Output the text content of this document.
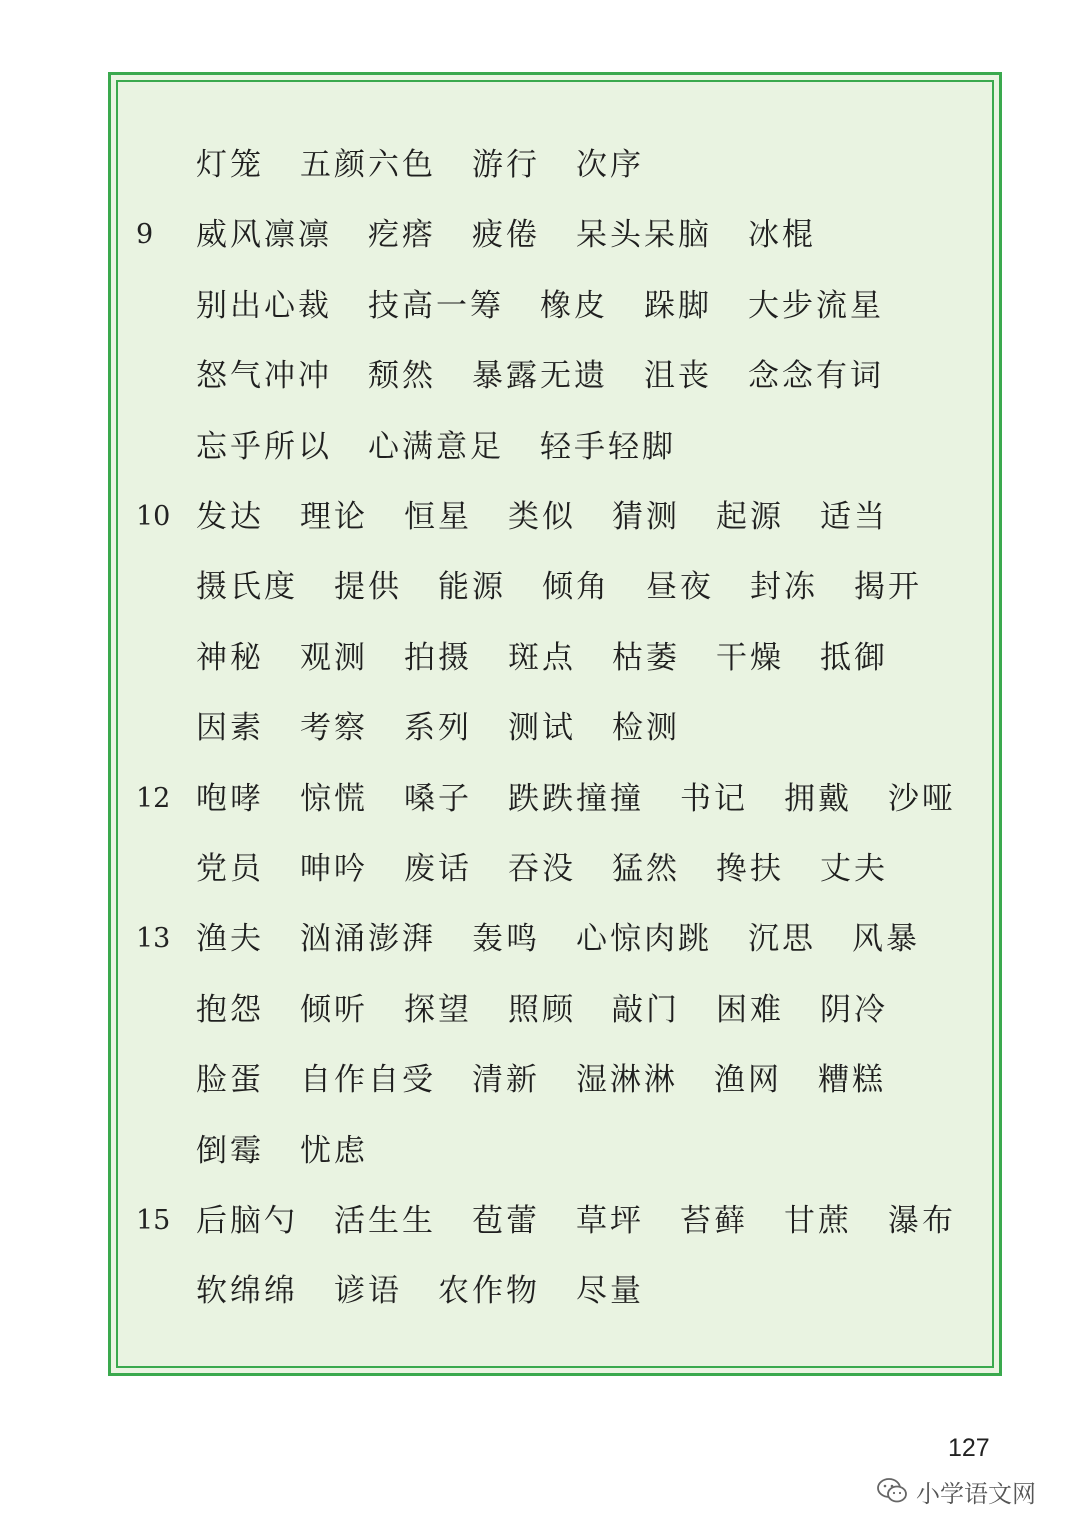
灯笼 五颜六色 游行 次序
9	威风凛凛 疙瘩 疲倦 呆头呆脑 冰棍
别出心裁 技高一筹 橡皮 跺脚 大步流星
怒气冲冲 颓然 暴露无遗 沮丧 念念有词
忘乎所以 心满意足 轻手轻脚
10 发达 理论 恒星 类似 猜测 起源 适当
摄氏度 提供 能源 倾角 昼夜 封冻 揭开
神秘 观测 拍摄 斑点 枯萎 干燥 抵御
因素 考察 系列 测试 检测
12 咆哮 惊慌 嗓子 跌跌撞撞 书记 拥戴 沙哑
党员 呻吟 废话 吞没 猛然 搀扶 丈夫
13 渔夫 汹涌澎湃 轰鸣 心惊肉跳 沉思 风暴
抱怨 倾听 探望 照顾 敲门 困难 阴冷
脸蛋 自作自受 清新 湿淋淋 渔网 糟糕
倒霉 忧虑
15 后脑勺 活生生 苞蕾 草坪 苔藓 甘蔗 瀑布
软绵绵 谚语 农作物 尽量
127
小学语文网
